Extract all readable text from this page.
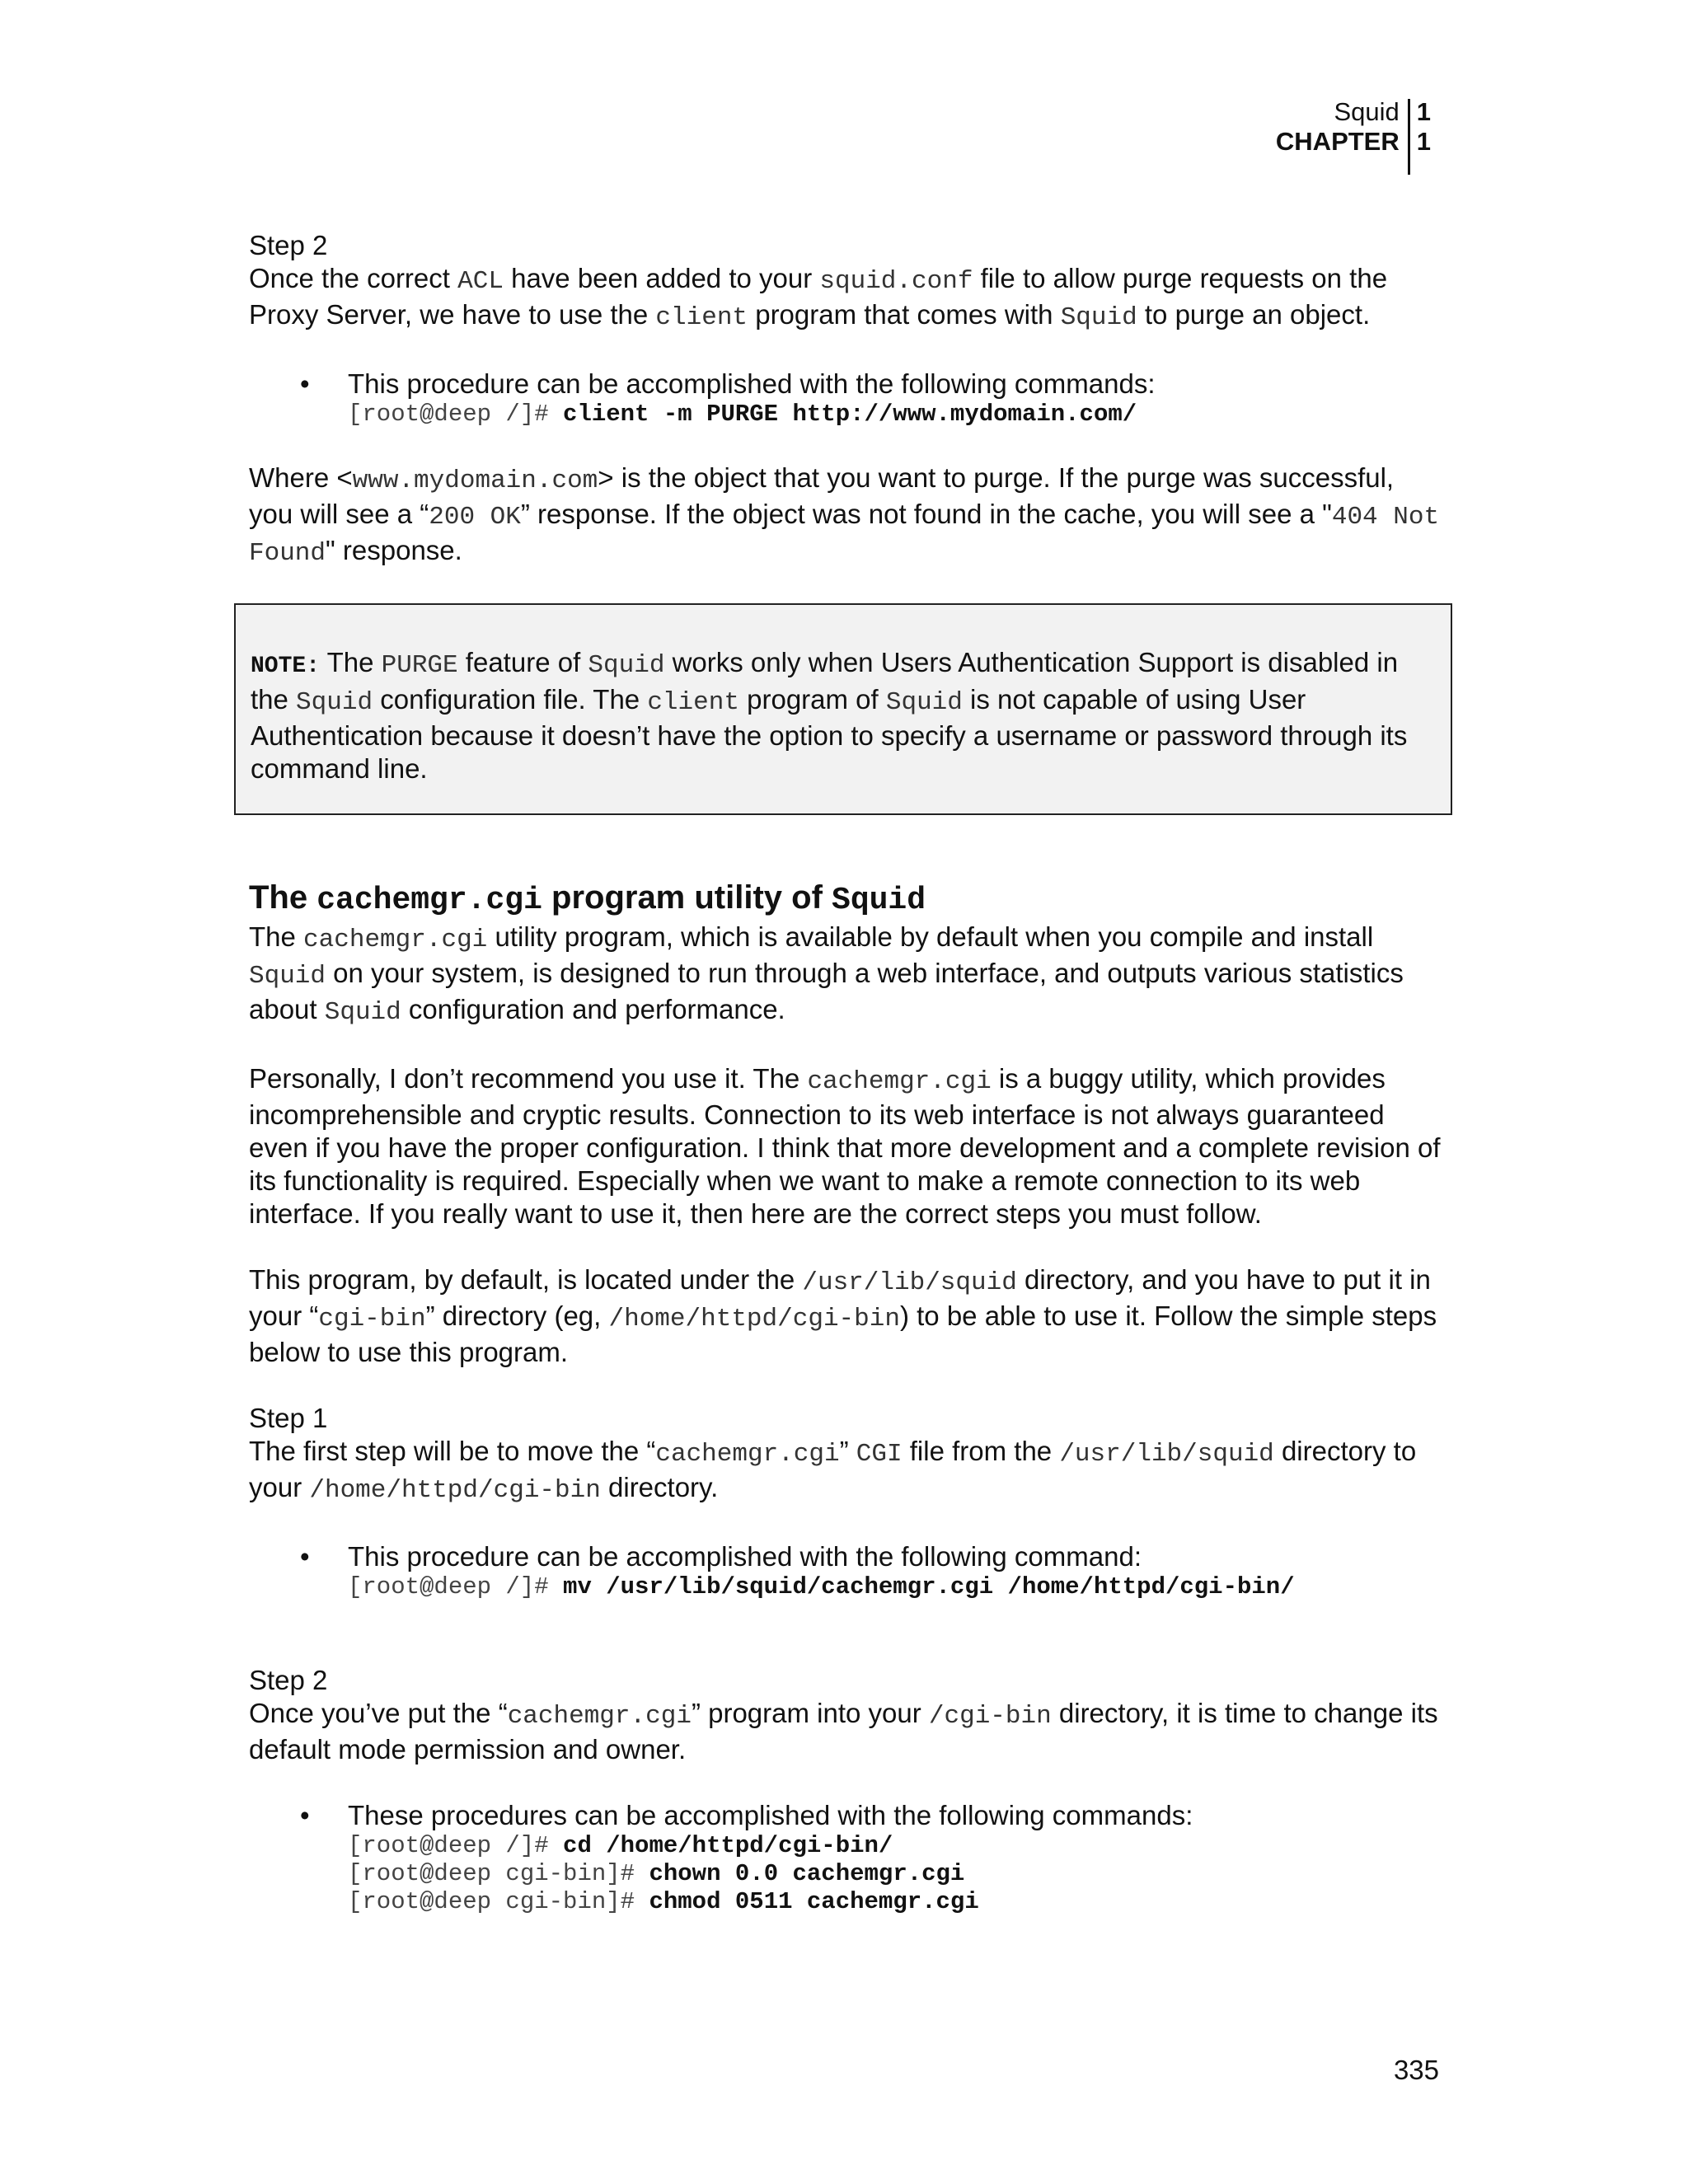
Squid
CHAPTER
1
1

Step 2

Once the correct ACL have been added to your squid.conf file to allow purge requests on the Proxy Server, we have to use the client program that comes with Squid to purge an object.

• This procedure can be accomplished with the following commands:

[root@deep /]# client -m PURGE http://www.mydomain.com/

Where <www.mydomain.com> is the object that you want to purge. If the purge was successful, you will see a “200 OK” response. If the object was not found in the cache, you will see a "404 Not Found" response.

NOTE: The PURGE feature of Squid works only when Users Authentication Support is disabled in the Squid configuration file. The client program of Squid is not capable of using User Authentication because it doesn’t have the option to specify a username or password through its command line.

The cachemgr.cgi program utility of Squid

The cachemgr.cgi utility program, which is available by default when you compile and install Squid on your system, is designed to run through a web interface, and outputs various statistics about Squid configuration and performance.

Personally, I don’t recommend you use it. The cachemgr.cgi is a buggy utility, which provides incomprehensible and cryptic results. Connection to its web interface is not always guaranteed even if you have the proper configuration. I think that more development and a complete revision of its functionality is required. Especially when we want to make a remote connection to its web interface. If you really want to use it, then here are the correct steps you must follow.

This program, by default, is located under the /usr/lib/squid directory, and you have to put it in your “cgi-bin” directory (eg, /home/httpd/cgi-bin) to be able to use it. Follow the simple steps below to use this program.

Step 1

The first step will be to move the “cachemgr.cgi” CGI file from the /usr/lib/squid directory to your /home/httpd/cgi-bin directory.

• This procedure can be accomplished with the following command:

[root@deep /]# mv /usr/lib/squid/cachemgr.cgi /home/httpd/cgi-bin/

Step 2

Once you’ve put the “cachemgr.cgi” program into your /cgi-bin directory, it is time to change its default mode permission and owner.

• These procedures can be accomplished with the following commands:

[root@deep /]# cd /home/httpd/cgi-bin/
[root@deep cgi-bin]# chown 0.0 cachemgr.cgi
[root@deep cgi-bin]# chmod 0511 cachemgr.cgi
335
